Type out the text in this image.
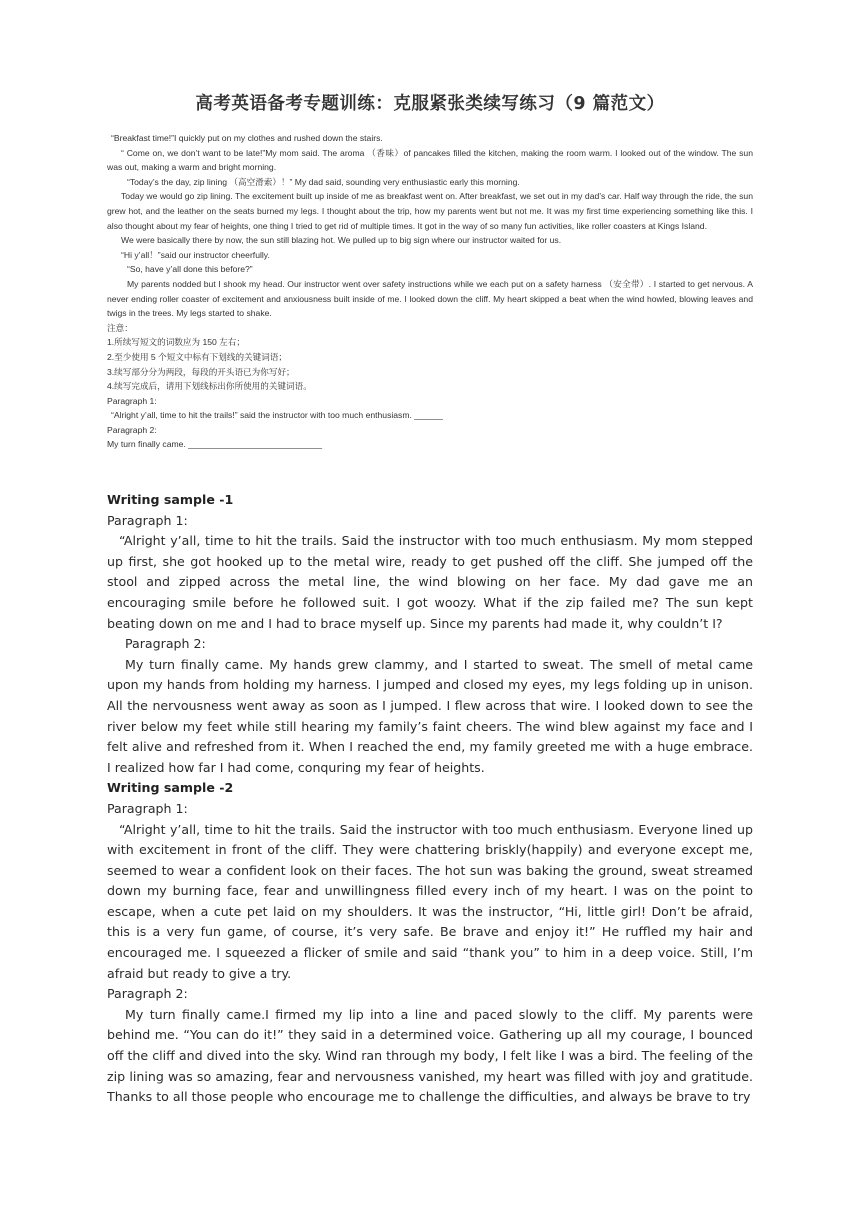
高考英语备考专题训练：克服紧张类续写练习（9 篇范文）

“Breakfast time!”I quickly put on my clothes and rushed down the stairs.

“ Come on, we don’t want to be late!”My mom said. The aroma （香味）of pancakes filled the kitchen, making the room warm. I looked out of the window. The sun was out, making a warm and bright morning.

“Today’s the day, zip lining （高空滑索）！” My dad said, sounding very enthusiastic early this morning.

Today we would go zip lining. The excitement built up inside of me as breakfast went on. After breakfast, we set out in my dad’s car. Half way through the ride, the sun grew hot, and the leather on the seats burned my legs. I thought about the trip, how my parents went but not me. It was my first time experiencing something like this. I also thought about my fear of heights, one thing I tried to get rid of multiple times. It got in the way of so many fun activities, like roller coasters at Kings Island.

We were basically there by now, the sun still blazing hot. We pulled up to big sign where our instructor waited for us.

“Hi y’all！”said our instructor cheerfully.

“So, have y’all done this before?”

My parents nodded but I shook my head. Our instructor went over safety instructions while we each put on a safety harness （安全带）. I started to get nervous. A never ending roller coaster of excitement and anxiousness built inside of me. I looked down the cliff. My heart skipped a beat when the wind howled, blowing leaves and twigs in the trees. My legs started to shake.

注意：

1.所续写短文的词数应为 150 左右；

2.至少使用 5 个短文中标有下划线的关键词语；

3.续写部分分为两段，每段的开头语已为你写好；

4.续写完成后，请用下划线标出你所使用的关键词语。

Paragraph 1:

“Alright y’all, time to hit the trails!” said the instructor with too much enthusiasm. ______

Paragraph 2:

My turn finally came. ____________________________

Writing sample -1

Paragraph 1:

“Alright y’all, time to hit the trails. Said the instructor with too much enthusiasm. My mom stepped up first, she got hooked up to the metal wire, ready to get pushed off the cliff. She jumped off the stool and zipped across the metal line, the wind blowing on her face. My dad gave me an encouraging smile before he followed suit. I got woozy. What if the zip failed me? The sun kept beating down on me and I had to brace myself up. Since my parents had made it, why couldn’t I?

Paragraph 2:

My turn finally came. My hands grew clammy, and I started to sweat. The smell of metal came upon my hands from holding my harness. I jumped and closed my eyes, my legs folding up in unison. All the nervousness went away as soon as I jumped. I flew across that wire. I looked down to see the river below my feet while still hearing my family’s faint cheers. The wind blew against my face and I felt alive and refreshed from it. When I reached the end, my family greeted me with a huge embrace. I realized how far I had come, conquring my fear of heights.

Writing sample -2

Paragraph 1:

“Alright y’all, time to hit the trails. Said the instructor with too much enthusiasm. Everyone lined up with excitement in front of the cliff. They were chattering briskly(happily) and everyone except me, seemed to wear a confident look on their faces. The hot sun was baking the ground, sweat streamed down my burning face, fear and unwillingness filled every inch of my heart. I was on the point to escape, when a cute pet laid on my shoulders. It was the instructor, “Hi, little girl! Don’t be afraid, this is a very fun game, of course, it’s very safe. Be brave and enjoy it!” He ruffled my hair and encouraged me. I squeezed a flicker of smile and said “thank you” to him in a deep voice. Still, I’m afraid but ready to give a try.

Paragraph 2:

My turn finally came.I firmed my lip into a line and paced slowly to the cliff. My parents were behind me. “You can do it!” they said in a determined voice. Gathering up all my courage, I bounced off the cliff and dived into the sky. Wind ran through my body, I felt like I was a bird. The feeling of the zip lining was so amazing, fear and nervousness vanished, my heart was filled with joy and gratitude. Thanks to all those people who encourage me to challenge the difficulties, and always be brave to try
